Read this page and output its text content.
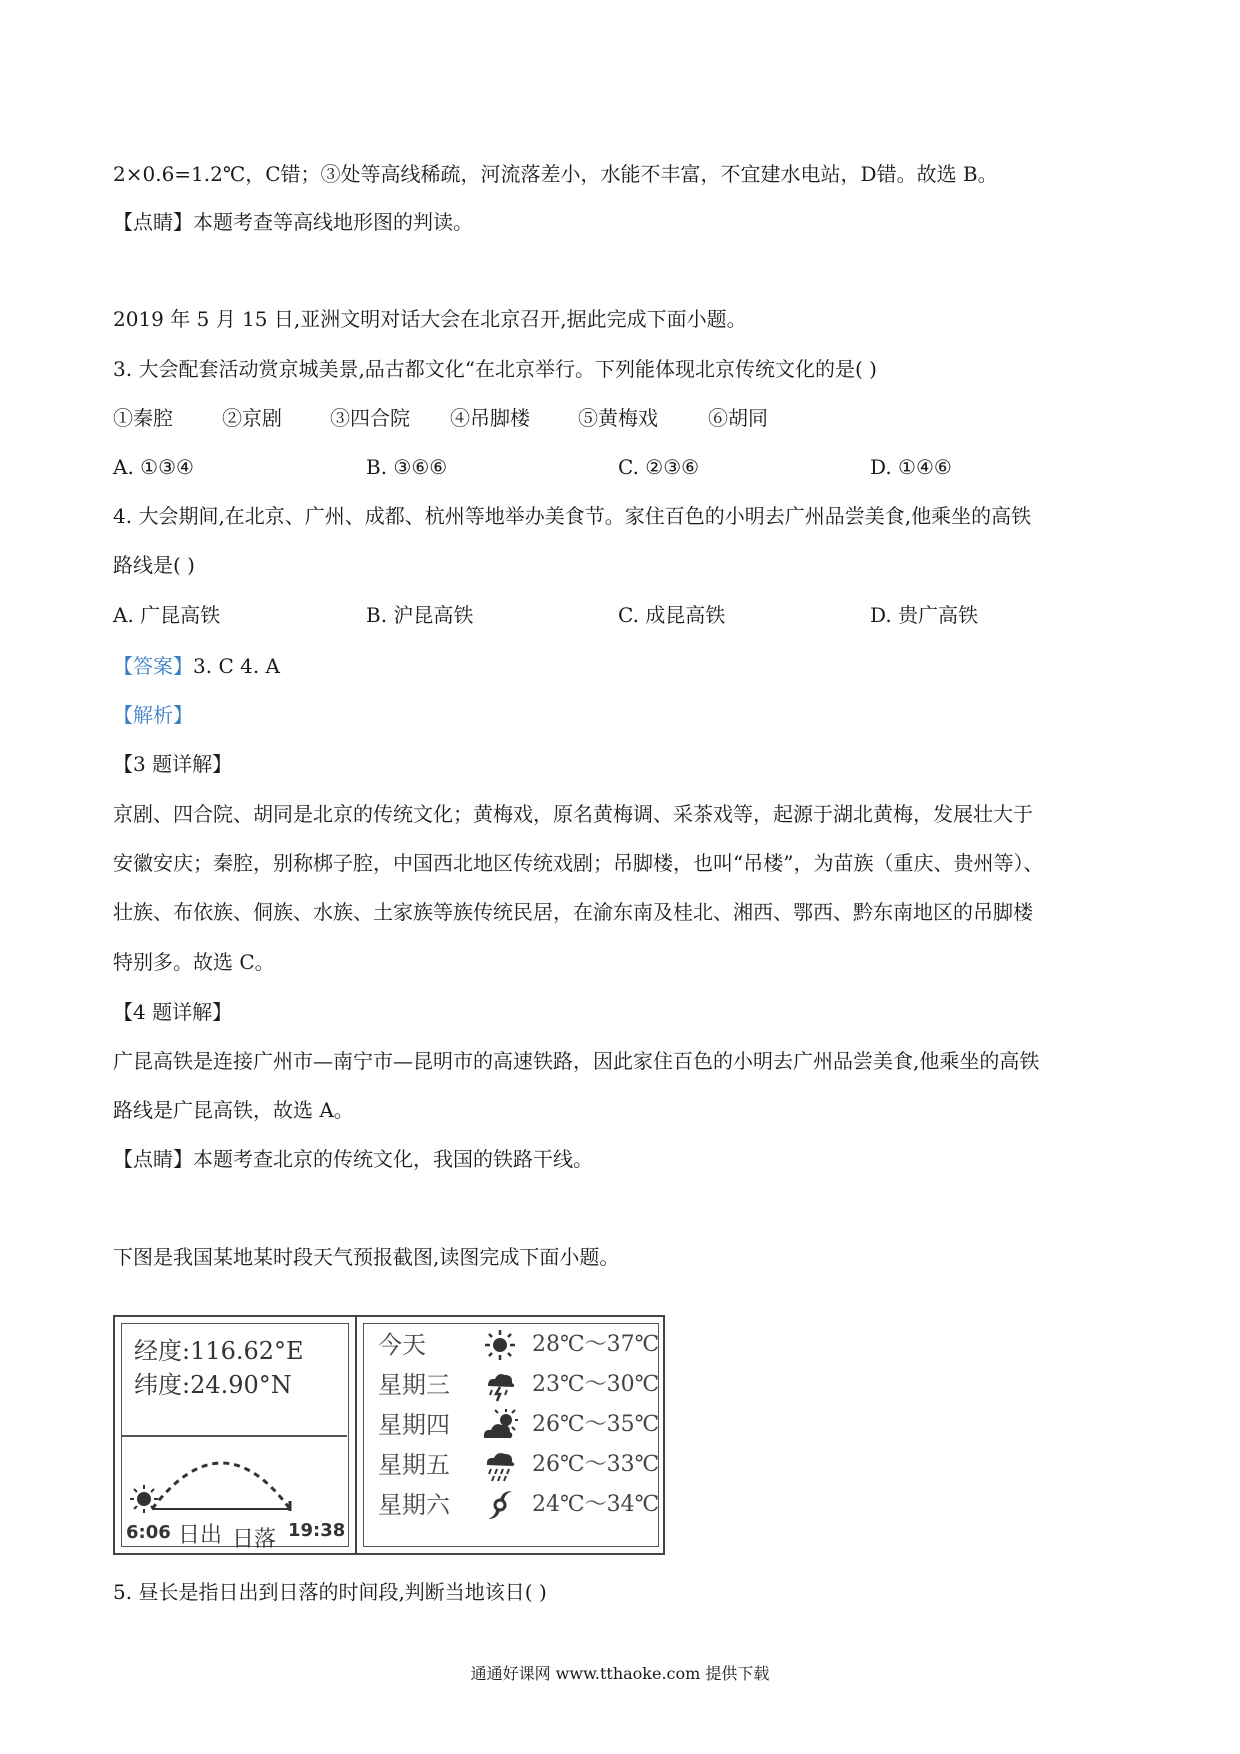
2×0.6=1.2℃，C错；③处等高线稀疏，河流落差小，水能不丰富，不宜建水电站，D错。故选 B。
【点睛】本题考查等高线地形图的判读。
2019 年 5 月 15 日,亚洲文明对话大会在北京召开,据此完成下面小题。
3. 大会配套活动赏京城美景,品古都文化“在北京举行。下列能体现北京传统文化的是( )
①秦腔 ②京剧 ③四合院 ④吊脚楼 ⑤黄梅戏	⑥胡同
A. ①③④	B. ③⑥⑥	C. ②③⑥	D. ①④⑥
4. 大会期间,在北京、广州、成都、杭州等地举办美食节。家住百色的小明去广州品尝美食,他乘坐的高铁
路线是( )
A. 广昆高铁	B. 沪昆高铁	C. 成昆高铁	D. 贵广高铁
【答案】3. C 4. A
【解析】
【3 题详解】
京剧、四合院、胡同是北京的传统文化；黄梅戏，原名黄梅调、采茶戏等，起源于湖北黄梅，发展壮大于
安徽安庆；秦腔，别称梆子腔，中国西北地区传统戏剧；吊脚楼，也叫“吊楼”，为苗族（重庆、贵州等）、
壮族、布依族、侗族、水族、土家族等族传统民居，在渝东南及桂北、湘西、鄂西、黔东南地区的吊脚楼
特别多。故选 C。
【4 题详解】
广昆高铁是连接广州市—南宁市—昆明市的高速铁路，因此家住百色的小明去广州品尝美食,他乘坐的高铁
路线是广昆高铁，故选 A。
【点睛】本题考查北京的传统文化，我国的铁路干线。
下图是我国某地某时段天气预报截图,读图完成下面小题。
经度:116.62°E
纬度:24.90°N
6:06 日出 日落 19:38
今天	28℃～37℃
星期三	23℃～30℃
星期四	26℃～35℃
星期五	26℃～33℃
星期六	24℃～34℃
5. 昼长是指日出到日落的时间段,判断当地该日( )
通通好课网 www.tthaoke.com 提供下载
